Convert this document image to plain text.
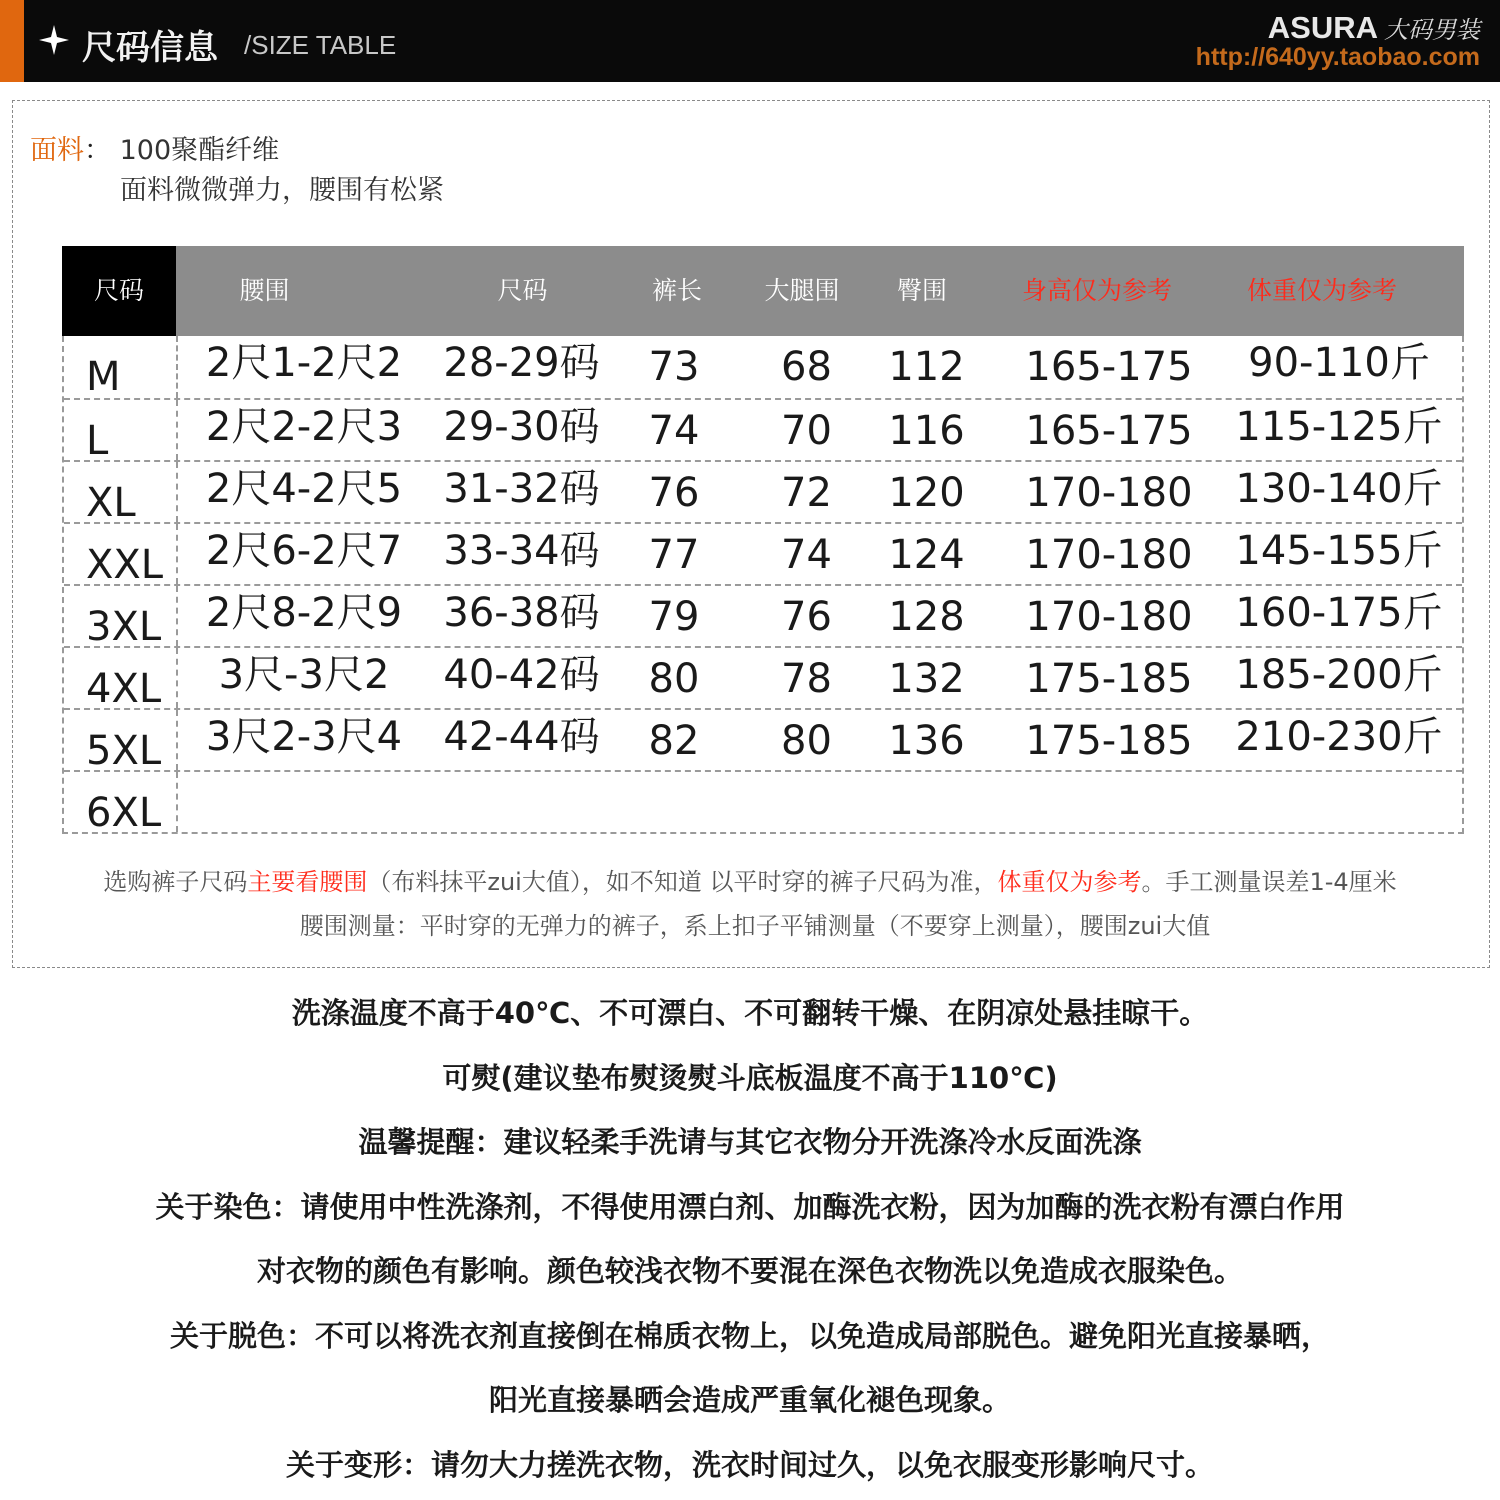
尺码信息 /SIZE TABLE	ASURA 大码男装
http://640yy.taobao.com
面料： 100聚酯纤维
面料微微弹力，腰围有松紧
尺码	腰围	尺码	裤长	大腿围	臀围	身高仅为参考	体重仅为参考
M	2尺1-2尺2	28-29码	73	68	112	165-175	90-110斤
L	2尺2-2尺3	29-30码	74	70	116	165-175	115-125斤
XL	2尺4-2尺5	31-32码	76	72	120	170-180	130-140斤
XXL	2尺6-2尺7	33-34码	77	74	124	170-180	145-155斤
3XL	2尺8-2尺9	36-38码	79	76	128	170-180	160-175斤
4XL	3尺-3尺2	40-42码	80	78	132	175-185	185-200斤
5XL	3尺2-3尺4	42-44码	82	80	136	175-185	210-230斤
6XL
选购裤子尺码主要看腰围（布料抹平zui大值），如不知道 以平时穿的裤子尺码为准，体重仅为参考。手工测量误差1-4厘米
腰围测量：平时穿的无弹力的裤子，系上扣子平铺测量（不要穿上测量），腰围zui大值

洗涤温度不高于40℃、不可漂白、不可翻转干燥、在阴凉处悬挂晾干。

可熨(建议垫布熨烫熨斗底板温度不高于110℃)

温馨提醒：建议轻柔手洗请与其它衣物分开洗涤冷水反面洗涤

关于染色：请使用中性洗涤剂，不得使用漂白剂、加酶洗衣粉，因为加酶的洗衣粉有漂白作用

对衣物的颜色有影响。颜色较浅衣物不要混在深色衣物洗以免造成衣服染色。

关于脱色：不可以将洗衣剂直接倒在棉质衣物上，以免造成局部脱色。避免阳光直接暴晒，

阳光直接暴晒会造成严重氧化褪色现象。

关于变形：请勿大力搓洗衣物，洗衣时间过久，以免衣服变形影响尺寸。
